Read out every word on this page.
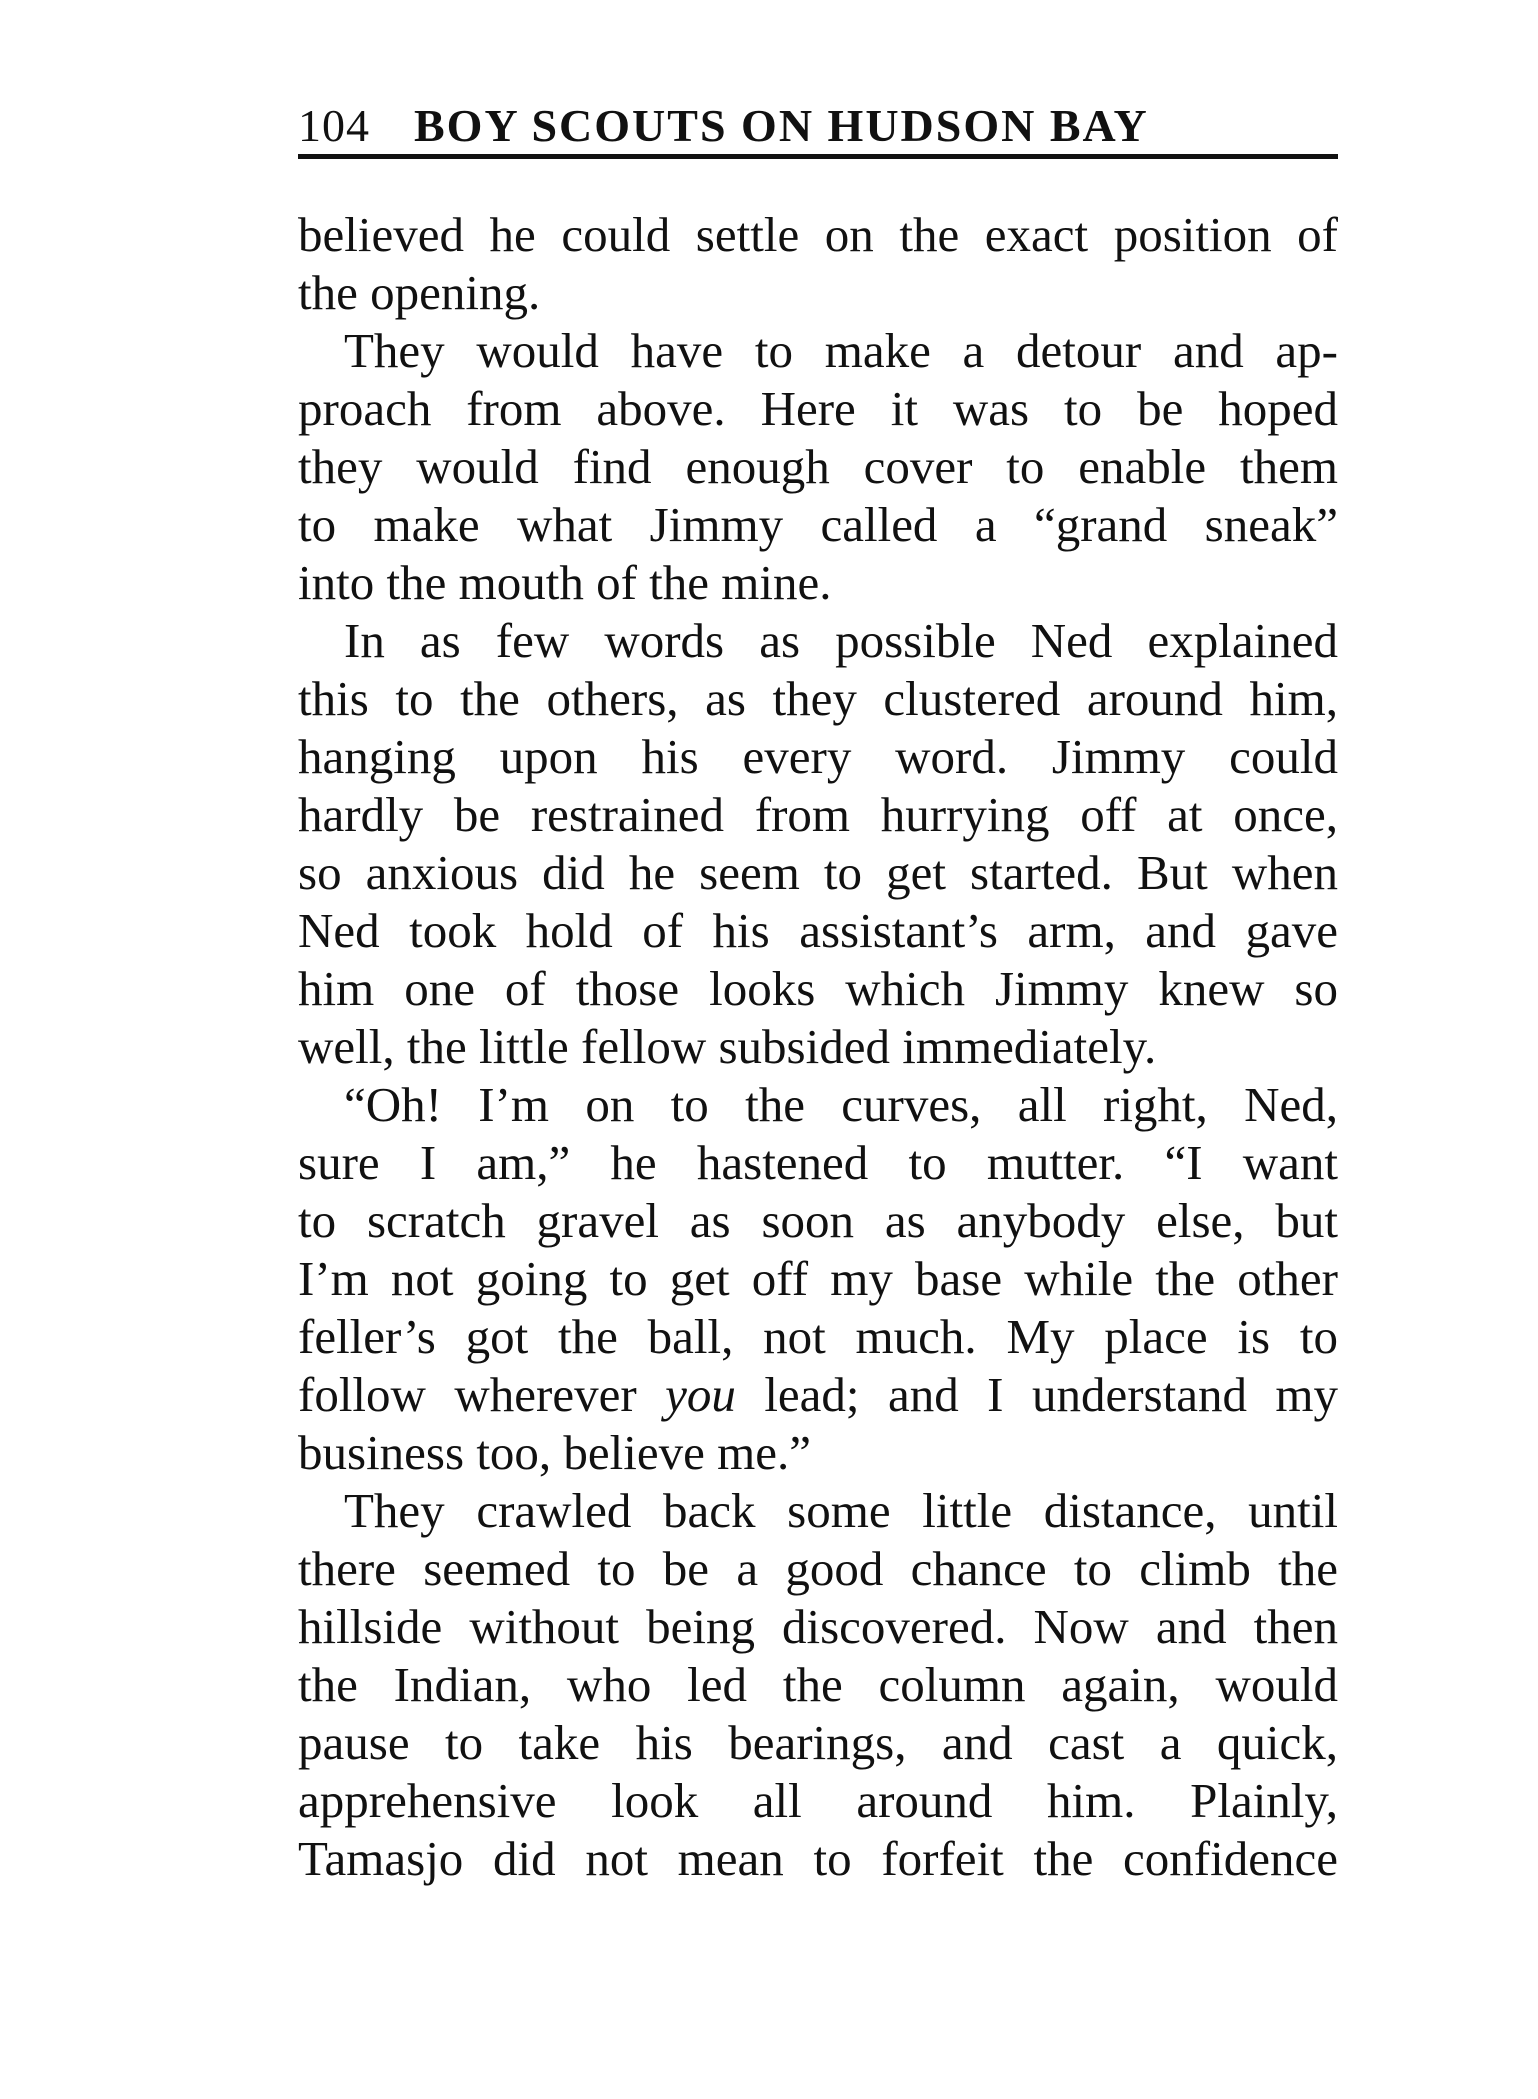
104 BOY SCOUTS ON HUDSON BAY
believed he could settle on the exact position of
the opening.
They would have to make a detour and ap-
proach from above. Here it was to be hoped
they would find enough cover to enable them
to make what Jimmy called a “grand sneak”
into the mouth of the mine.
In as few words as possible Ned explained
this to the others, as they clustered around him,
hanging upon his every word. Jimmy could
hardly be restrained from hurrying off at once,
so anxious did he seem to get started. But when
Ned took hold of his assistant’s arm, and gave
him one of those looks which Jimmy knew so
well, the little fellow subsided immediately.
“Oh! I’m on to the curves, all right, Ned,
sure I am,” he hastened to mutter. “I want
to scratch gravel as soon as anybody else, but
I’m not going to get off my base while the other
feller’s got the ball, not much. My place is to
follow wherever you lead; and I understand my
business too, believe me.”
They crawled back some little distance, until
there seemed to be a good chance to climb the
hillside without being discovered. Now and then
the Indian, who led the column again, would
pause to take his bearings, and cast a quick,
apprehensive look all around him. Plainly,
Tamasjo did not mean to forfeit the confidence
